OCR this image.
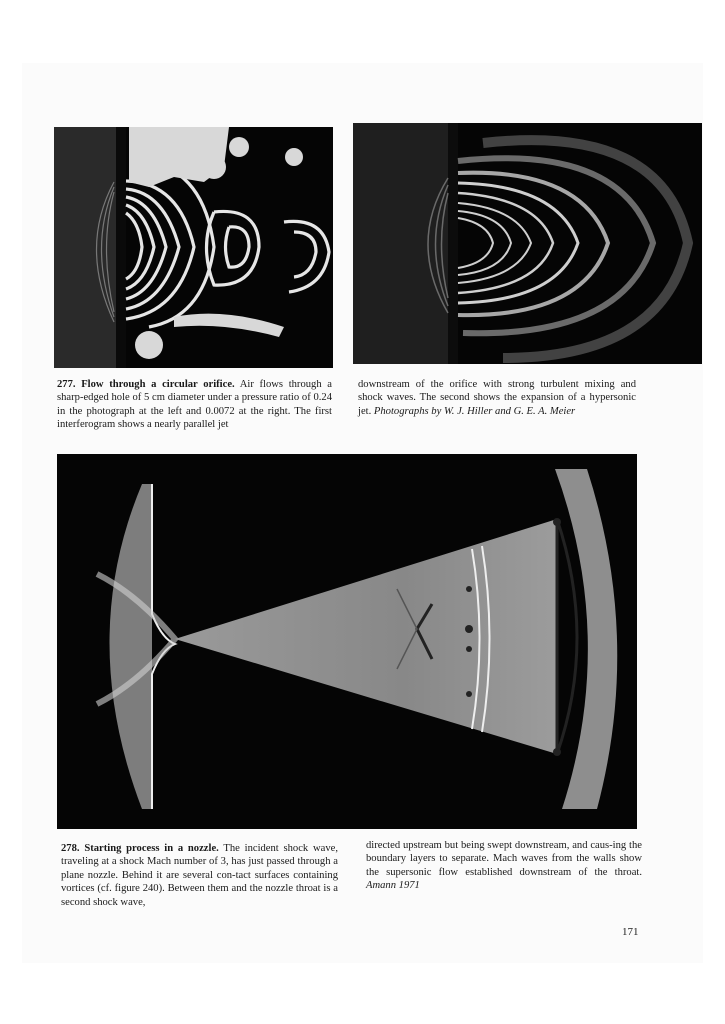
277. Flow through a circular orifice. Air flows through a sharp-edged hole of 5 cm diameter under a pressure ratio of 0.24 in the photograph at the left and 0.0072 at the right. The first interferogram shows a nearly parallel jet
downstream of the orifice with strong turbulent mixing and shock waves. The second shows the expansion of a hypersonic jet. Photographs by W. J. Hiller and G. E. A. Meier
278. Starting process in a nozzle. The incident shock wave, traveling at a shock Mach number of 3, has just passed through a plane nozzle. Behind it are several con-tact surfaces containing vortices (cf. figure 240). Between them and the nozzle throat is a second shock wave,
directed upstream but being swept downstream, and caus-ing the boundary layers to separate. Mach waves from the walls show the supersonic flow established downstream of the throat. Amann 1971
171
